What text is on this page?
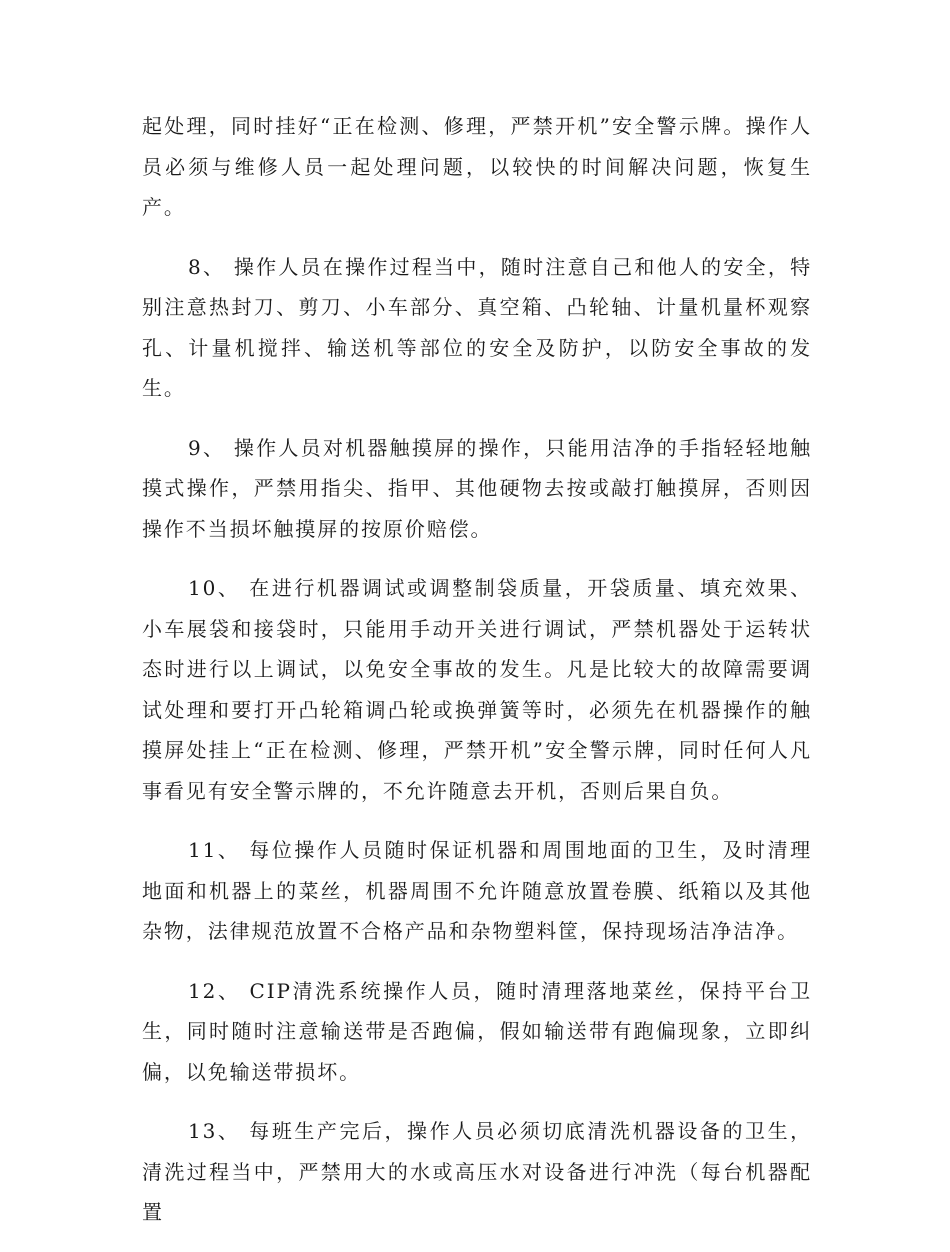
起处理，同时挂好“正在检测、修理，严禁开机”安全警示牌。操作人员必须与维修人员一起处理问题，以较快的时间解决问题，恢复生产。

8、 操作人员在操作过程当中，随时注意自己和他人的安全，特别注意热封刀、剪刀、小车部分、真空箱、凸轮轴、计量机量杯观察孔、计量机搅拌、输送机等部位的安全及防护，以防安全事故的发生。

9、 操作人员对机器触摸屏的操作，只能用洁净的手指轻轻地触摸式操作，严禁用指尖、指甲、其他硬物去按或敲打触摸屏，否则因操作不当损坏触摸屏的按原价赔偿。

10、 在进行机器调试或调整制袋质量，开袋质量、填充效果、小车展袋和接袋时，只能用手动开关进行调试，严禁机器处于运转状态时进行以上调试，以免安全事故的发生。凡是比较大的故障需要调试处理和要打开凸轮箱调凸轮或换弹簧等时，必须先在机器操作的触摸屏处挂上“正在检测、修理，严禁开机”安全警示牌，同时任何人凡事看见有安全警示牌的，不允许随意去开机，否则后果自负。

11、 每位操作人员随时保证机器和周围地面的卫生，及时清理地面和机器上的菜丝，机器周围不允许随意放置卷膜、纸箱以及其他杂物，法律规范放置不合格产品和杂物塑料筐，保持现场洁净洁净。

12、 CIP清洗系统操作人员，随时清理落地菜丝，保持平台卫生，同时随时注意输送带是否跑偏，假如输送带有跑偏现象，立即纠偏，以免输送带损坏。

13、 每班生产完后，操作人员必须切底清洗机器设备的卫生，清洗过程当中，严禁用大的水或高压水对设备进行冲洗（每台机器配置
